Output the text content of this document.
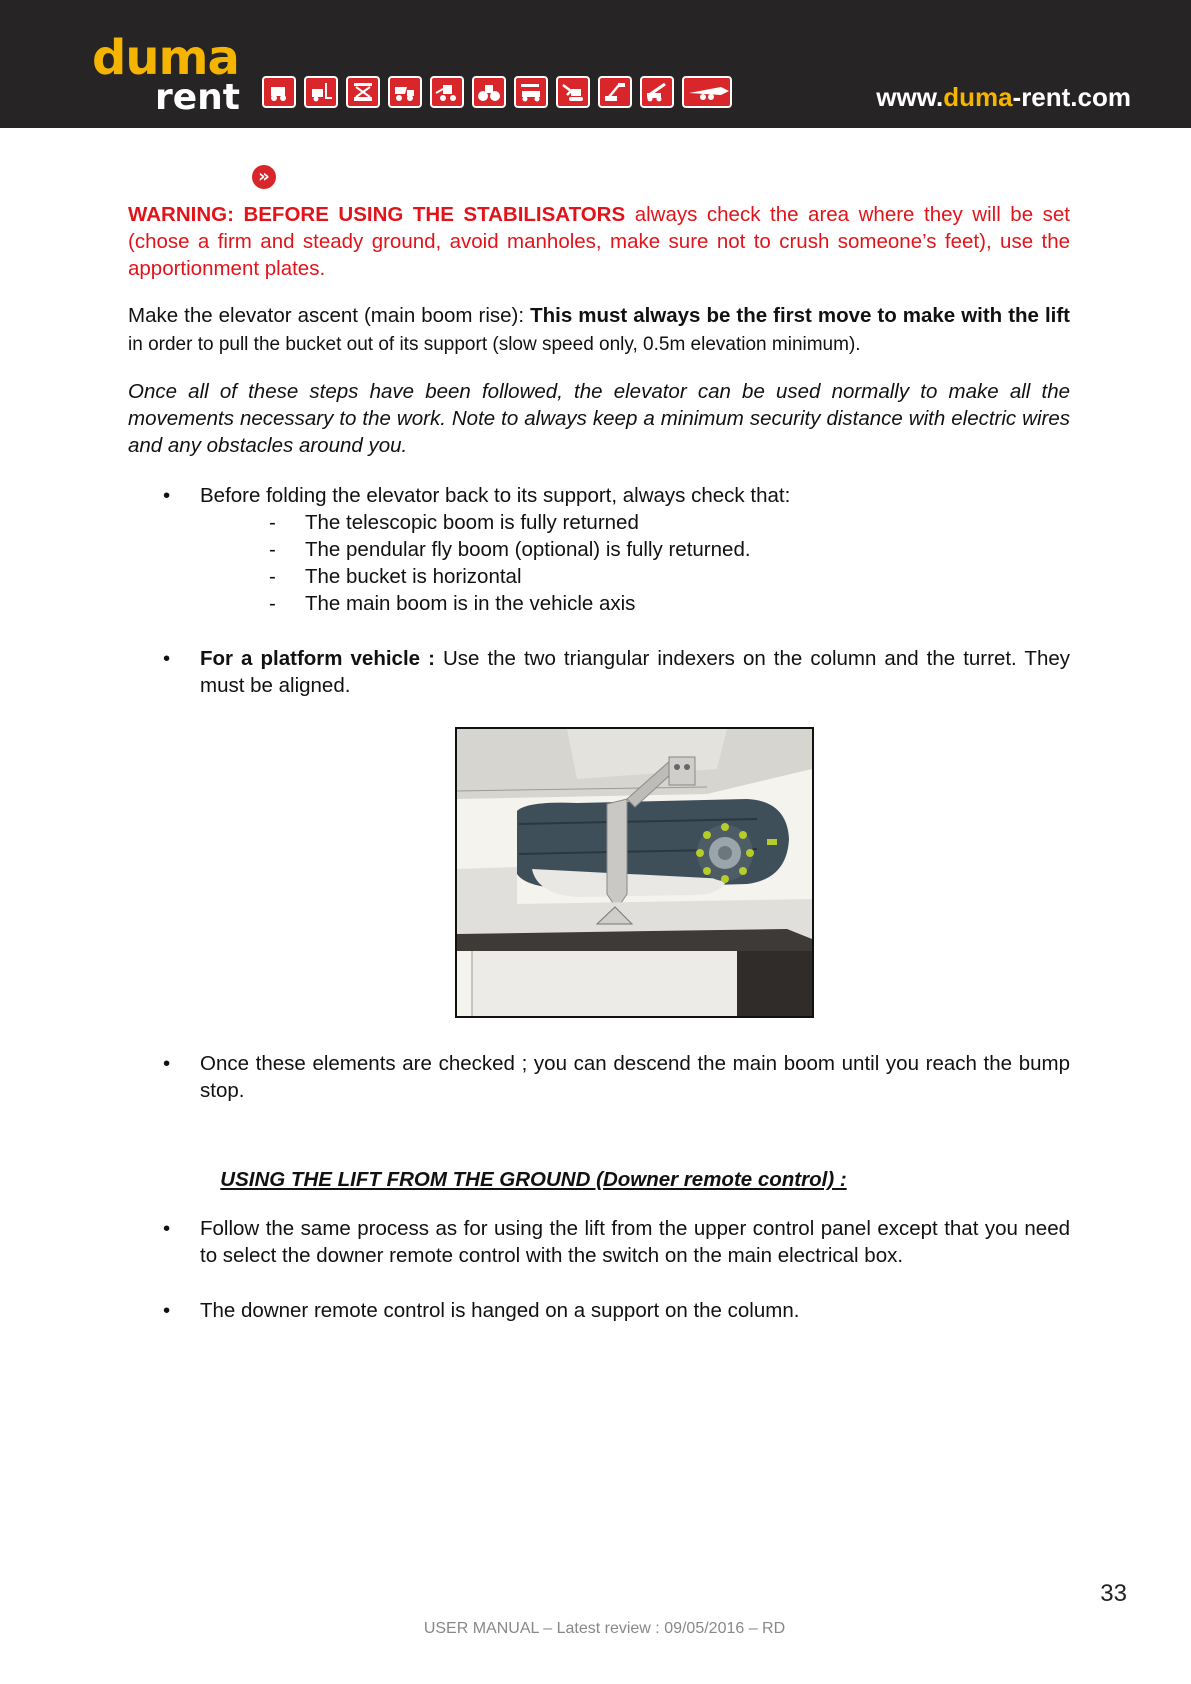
duma
»
rent	www.duma-rent.com

WARNING: BEFORE USING THE STABILISATORS always check the area where they will be set (chose a firm and steady ground, avoid manholes, make sure not to crush someone’s feet), use the apportionment plates.

Make the elevator ascent (main boom rise): This must always be the first move to make with the lift in order to pull the bucket out of its support (slow speed only, 0.5m elevation minimum).

Once all of these steps have been followed, the elevator can be used normally to make all the movements necessary to the work. Note to always keep a minimum security distance with electric wires and any obstacles around you.

• Before folding the elevator back to its support, always check that:
- The telescopic boom is fully returned
- The pendular fly boom (optional) is fully returned.
- The bucket is horizontal
- The main boom is in the vehicle axis
• For a platform vehicle : Use the two triangular indexers on the column and the turret. They must be aligned.
• Once these elements are checked ; you can descend the main boom until you reach the bump stop.
USING THE LIFT FROM THE GROUND (Downer remote control) :
• Follow the same process as for using the lift from the upper control panel except that you need to select the downer remote control with the switch on the main electrical box.
• The downer remote control is hanged on a support on the column.
33
USER MANUAL – Latest review : 09/05/2016 – RD
